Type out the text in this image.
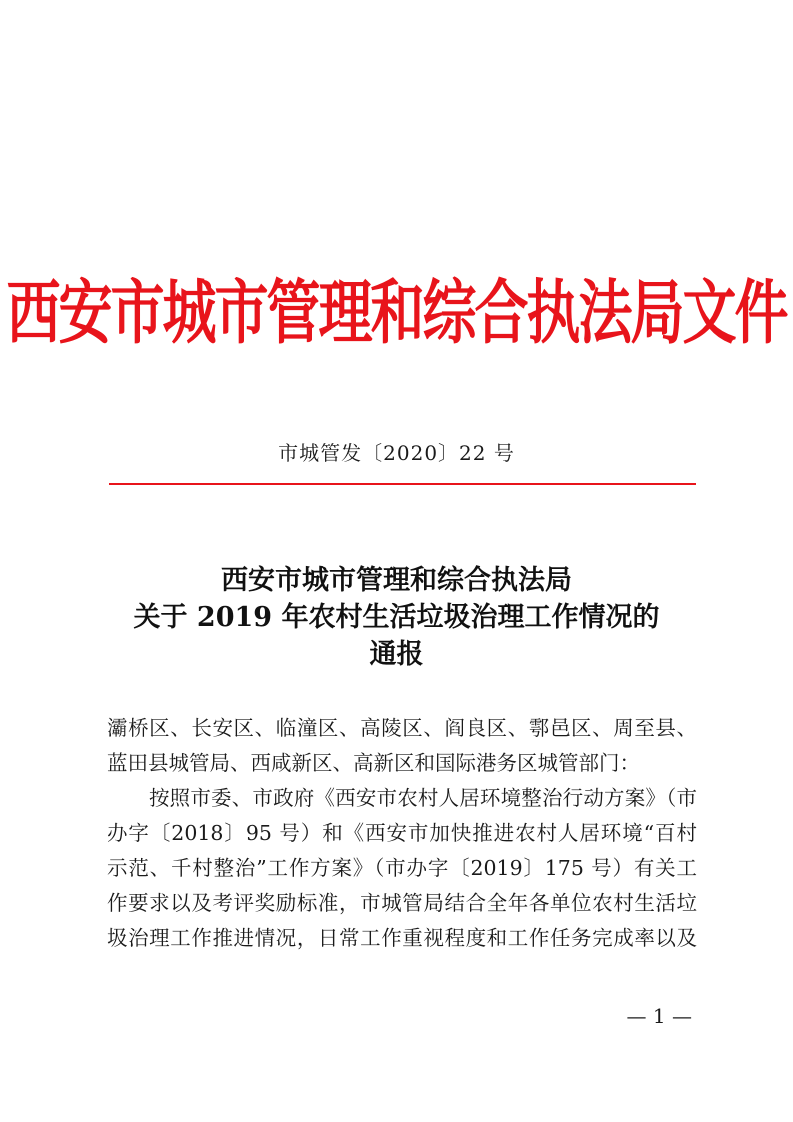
西安市城市管理和综合执法局文件
市城管发〔2020〕22 号
西安市城市管理和综合执法局
关于 2019 年农村生活垃圾治理工作情况的
通报
灞桥区、长安区、临潼区、高陵区、阎良区、鄠邑区、周至县、
蓝田县城管局、西咸新区、高新区和国际港务区城管部门：
按照市委、市政府《西安市农村人居环境整治行动方案》（市
办字〔2018〕95 号）和《西安市加快推进农村人居环境“百村
示范、千村整治”工作方案》（市办字〔2019〕175 号）有关工
作要求以及考评奖励标准，市城管局结合全年各单位农村生活垃
圾治理工作推进情况，日常工作重视程度和工作任务完成率以及
— 1 —
